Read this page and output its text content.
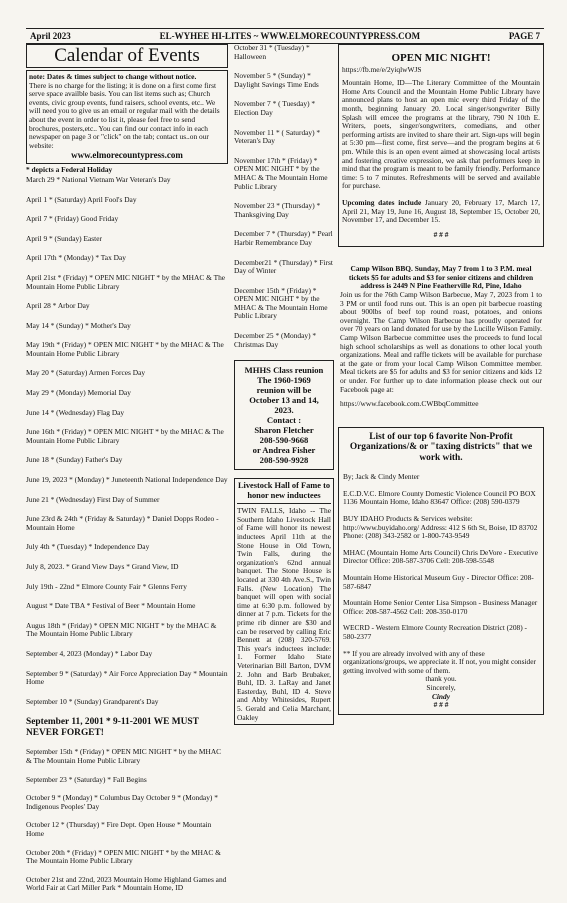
April 2023	EL-WYHEE HI-LITES ~ WWW.ELMORECOUNTYPRESS.COM	PAGE 7
Calendar of Events

note: Dates & times subject to change without notice.

There is no charge for the listing; it is done on a first come first serve space availble basis. You can list items such as; Church events, civic group events, fund raisers, school events, etc.. We will need you to give us an email or regular mail with the details about the event in order to list it, please feel free to send brochures, posters,etc.. You can find our contact info in each newspaper on page 3 or "click" on the tab; contact us..on our website:

www.elmorecountypress.com
* depicts a Federal Holiday
March 29 * National Vietnam War Veteran's Day
April 1 * (Saturday) April Fool's Day
April 7 * (Friday) Good Friday
April 9 * (Sunday) Easter
April 17th * (Monday) * Tax Day
April 21st * (Friday) * OPEN MIC NIGHT * by the MHAC & The Mountain Home Public Library
April 28 * Arbor Day
May 14 * (Sunday) * Mother's Day
May 19th * (Friday) * OPEN MIC NIGHT * by the MHAC & The Mountain Home Public Library
May 20 * (Saturday) Armen Forces Day
May 29 * (Monday) Memorial Day
June 14 * (Wednesday) Flag Day
June 16th * (Friday) * OPEN MIC NIGHT * by the MHAC & The Mountain Home Public Library
June 18 * (Sunday) Father's Day
June 19, 2023 * (Monday) * Juneteenth National Independence Day
June 21 * (Wednesday) First Day of Summer
June 23rd & 24th * (Friday & Saturday) * Daniel Dopps Rodeo - Mountain Home
July 4th * (Tuesday) * Independence Day
July 8, 2023. * Grand View Days * Grand View, ID
July 19th - 22nd * Elmore County Fair * Glenns Ferry
August * Date TBA * Festival of Beer * Mountain Home
Augus 18th * (Friday) * OPEN MIC NIGHT * by the MHAC & The Mountain Home Public Library
September 4, 2023 (Monday) * Labor Day
September 9 * (Saturday) * Air Force Appreciation Day * Mountain Home
September 10 * (Sunday) Grandparent's Day
September 11, 2001 * 9-11-2001 WE MUST NEVER FORGET!
September 15th * (Friday) * OPEN MIC NIGHT * by the MHAC & The Mountain Home Public Library
September 23 * (Saturday) * Fall Begins
October 9 * (Monday) * Columbus Day October 9 * (Monday) * Indigenous Peoples' Day
October 12 * (Thursday) * Fire Dept. Open House * Mountain Home
October 20th * (Friday) * OPEN MIC NIGHT * by the MHAC & The Mountain Home Public Library
October 21st and 22nd, 2023 Mountain Home Highland Games and World Fair at Carl Miller Park * Mountain Home, ID
October 31 * (Tuesday) * Halloween
November 5 * (Sunday) * Daylight Savings Time Ends
November 7 * ( Tuesday) * Election Day
November 11 * ( Saturday) * Veteran's Day
November 17th * (Friday) * OPEN MIC NIGHT * by the MHAC & The Mountain Home Public Library
November 23 * (Thursday) * Thanksgiving Day
December 7 * (Thursday) * Pearl Harbir Remembrance Day
December21 * (Thursday) * First Day of Winter
December 15th * (Friday) * OPEN MIC NIGHT * by the MHAC & The Mountain Home Public Library
December 25 * (Monday) * Christmas Day
MHHS Class reunion
The 1960-1969
reunion will be
October 13 and 14,
2023.
Contact :
Sharon Fletcher
208-590-9668
or Andrea Fisher
208-590-9928
Livestock Hall of Fame to honor new inductees
TWIN FALLS, Idaho -- The Southern Idaho Livestock Hall of Fame will honor its newest inductees April 11th at the Stone House in Old Town, Twin Falls, during the organization's 62nd annual banquet. The Stone House is located at 330 4th Ave.S., Twin Falls. (New Location) The banquet will open with social time at 6:30 p.m. followed by dinner at 7 p.m. Tickets for the prime rib dinner are $30 and can be reserved by calling Eric Bennett at (208) 320-5769. This year's inductees include: 1. Former Idaho State Veterinarian Bill Barton, DVM 2. John and Barb Brubaker, Buhl, ID. 3. LaRay and Janet Easterday, Buhl, ID 4. Steve and Abby Whitesides, Rupert 5. Gerald and Celia Marchant, Oakley
OPEN MIC NIGHT!
https://fb.me/e/2yiqlwWJS
Mountain Home, ID—The Literary Committee of the Mountain Home Arts Council and the Mountain Home Public Library have announced plans to host an open mic every third Friday of the month, beginning January 20. Local singer/songwriter Billy Splash will emcee the programs at the library, 790 N 10th E. Writers, poets, singer/songwriters, comedians, and other performing artists are invited to share their art. Sign-ups will begin at 5:30 pm—first come, first serve—and the program begins at 6 pm. While this is an open event aimed at showcasing local artists and fostering creative expression, we ask that performers keep in mind that the program is meant to be family friendly. Performance time: 5 to 7 minutes. Refreshments will be served and available for purchase.
Upcoming dates include January 20, February 17, March 17, April 21, May 19, June 16, August 18, September 15, October 20, November 17, and December 15.
# # #
Camp Wilson BBQ. Sunday, May 7 from 1 to 3 P.M. meal tickets $5 for adults and $3 for senior citizens and children address is 2449 N Pine Featherville Rd, Pine, Idaho
Join us for the 76th Camp Wilson Barbecue, May 7, 2023 from 1 to 3 PM or until food runs out. This is an open pit barbecue roasting about 900lbs of beef top round roast, potatoes, and onions overnight. The Camp Wilson Barbecue has proudly operated for over 70 years on land donated for use by the Lucille Wilson Family. Camp Wilson Barbecue committee uses the proceeds to fund local high school scholarships as well as donations to other local youth organizations. Meal and raffle tickets will be available for purchase at the gate or from your local Camp Wilson Committee member. Meal tickets are $5 for adults and $3 for senior citizens and kids 12 or under. For further up to date information please check out our Facebook page at:
https://www.facebook.com.CWBbqCommittee
List of our top 6 favorite Non-Profit Organizations/& or "taxing districts" that we work with.
By; Jack & Cindy Menter
E.C.D.V.C. Elmore County Domestic Violence Council PO BOX 1136 Mountain Home, Idaho 83647 Office: (208) 590-0379
BUY IDAHO Products & Services website: http://www.buyidaho.org/ Address: 412 S 6th St, Boise, ID 83702 Phone: (208) 343-2582 or 1-800-743-9549
MHAC (Mountain Home Arts Council) Chris DeVore - Executive Director Office: 208-587-3706 Cell: 208-598-5548
Mountain Home Historical Museum Guy - Director Office: 208-587-6847
Mountain Home Senior Center Lisa Simpson - Business Manager Office: 208-587-4562 Cell: 208-350-0170
WECRD - Western Elmore County Recreation District (208) - 580-2377
** If you are already involved with any of these organizations/groups, we appreciate it. If not, you might consider getting involved with some of them.
thank you.
Sincerely,
Cindy
# # #
